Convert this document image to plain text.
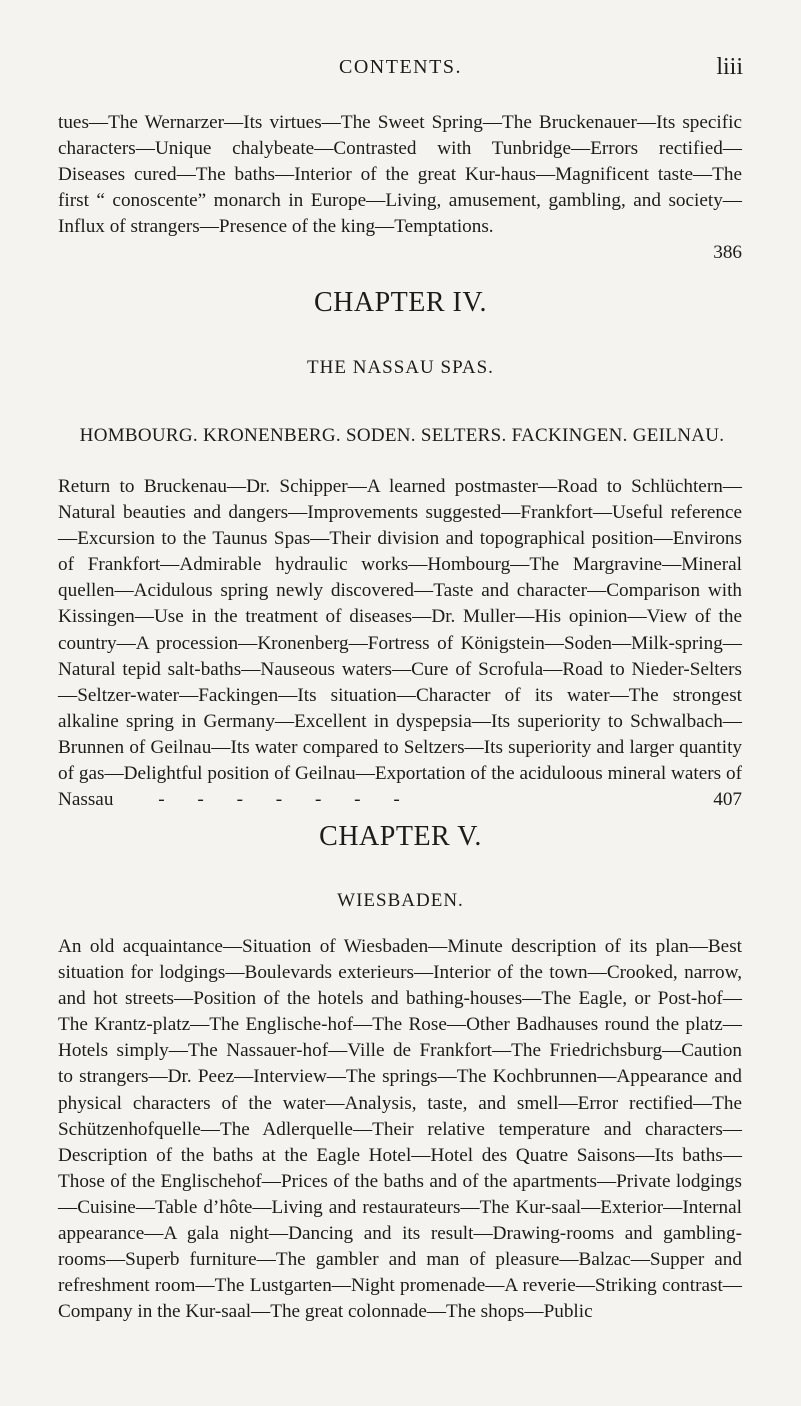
CONTENTS.	liii
tues—The Wernarzer—Its virtues—The Sweet Spring—The Bruckenauer—Its specific characters—Unique chalybeate—Contrasted with Tunbridge—Errors rectified—Diseases cured—The baths—Interior of the great Kur-haus—Magnificent taste—The first “ conoscente” monarch in Europe—Living, amusement, gambling, and society—Influx of strangers—Presence of the king—Temptations.
386
CHAPTER IV.
THE NASSAU SPAS.
HOMBOURG. KRONENBERG. SODEN. SELTERS. FACKINGEN. GEILNAU.
Return to Bruckenau—Dr. Schipper—A learned postmaster—Road to Schlüchtern—Natural beauties and dangers—Improvements suggested—Frankfort—Useful reference—Excursion to the Taunus Spas—Their division and topographical position—Environs of Frankfort—Admirable hydraulic works—Hombourg—The Margravine—Mineral quellen—Acidulous spring newly discovered—Taste and character—Comparison with Kissingen—Use in the treatment of diseases—Dr. Muller—His opinion—View of the country—A procession—Kronenberg—Fortress of Königstein—Soden—Milk-spring—Natural tepid salt-baths—Nauseous waters—Cure of Scrofula—Road to Nieder-Selters—Seltzer-water—Fackingen—Its situation—Character of its water—The strongest alkaline spring in Germany—Excellent in dyspepsia—Its superiority to Schwalbach—Brunnen of Geilnau—Its water compared to Seltzers—Its superiority and larger quantity of gas—Delightful position of Geilnau—Exportation of the aciduloous mineral waters of Nassau - - - - - - -	407
CHAPTER V.
WIESBADEN.
An old acquaintance—Situation of Wiesbaden—Minute description of its plan—Best situation for lodgings—Boulevards exterieurs—Interior of the town—Crooked, narrow, and hot streets—Position of the hotels and bathing-houses—The Eagle, or Post-hof—The Krantz-platz—The Englische-hof—The Rose—Other Badhauses round the platz—Hotels simply—The Nassauer-hof—Ville de Frankfort—The Friedrichsburg—Caution to strangers—Dr. Peez—Interview—The springs—The Kochbrunnen—Appearance and physical characters of the water—Analysis, taste, and smell—Error rectified—The Schützenhofquelle—The Adlerquelle—Their relative temperature and characters—Description of the baths at the Eagle Hotel—Hotel des Quatre Saisons—Its baths—Those of the Englischehof—Prices of the baths and of the apartments—Private lodgings—Cuisine—Table d’hôte—Living and restaurateurs—The Kur-saal—Exterior—Internal appearance—A gala night—Dancing and its result—Drawing-rooms and gambling-rooms—Superb furniture—The gambler and man of pleasure—Balzac—Supper and refreshment room—The Lustgarten—Night promenade—A reverie—Striking contrast—Company in the Kur-saal—The great colonnade—The shops—Public
